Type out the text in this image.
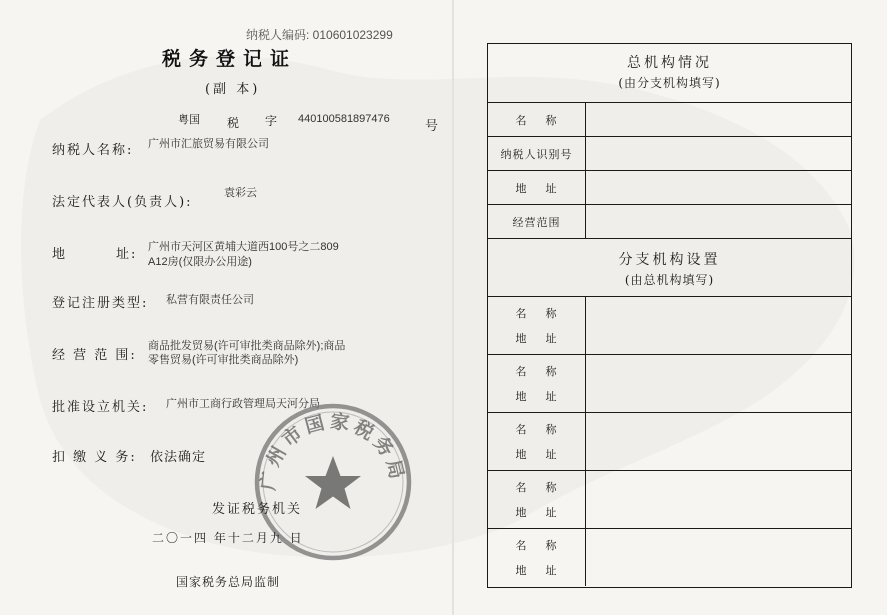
纳税人编码: 010601023299
税务登记证
(副 本)
粤国 税 字 440100581897476	号
纳税人名称: 广州市汇旅贸易有限公司
法定代表人(负责人):
袁彩云
地        址: 广州市天河区黄埔大道西100号之二809
A12房(仅限办公用途)
登记注册类型: 私营有限责任公司
经 营 范 围:
商品批发贸易(许可审批类商品除外);商品
零售贸易(许可审批类商品除外)
批准设立机关: 广州市工商行政管理局天河分局
扣 缴 义 务: 依法确定
广州市国家税务局
发证税务机关
二〇一四 年十二月九 日
国家税务总局监制
总机构情况
(由分支机构填写)
名    称
纳税人识别号
地    址
经营范围
分支机构设置
(由总机构填写)
名    称
地    址
名    称
地    址
名    称
地    址
名    称
地    址
名    称
地    址
